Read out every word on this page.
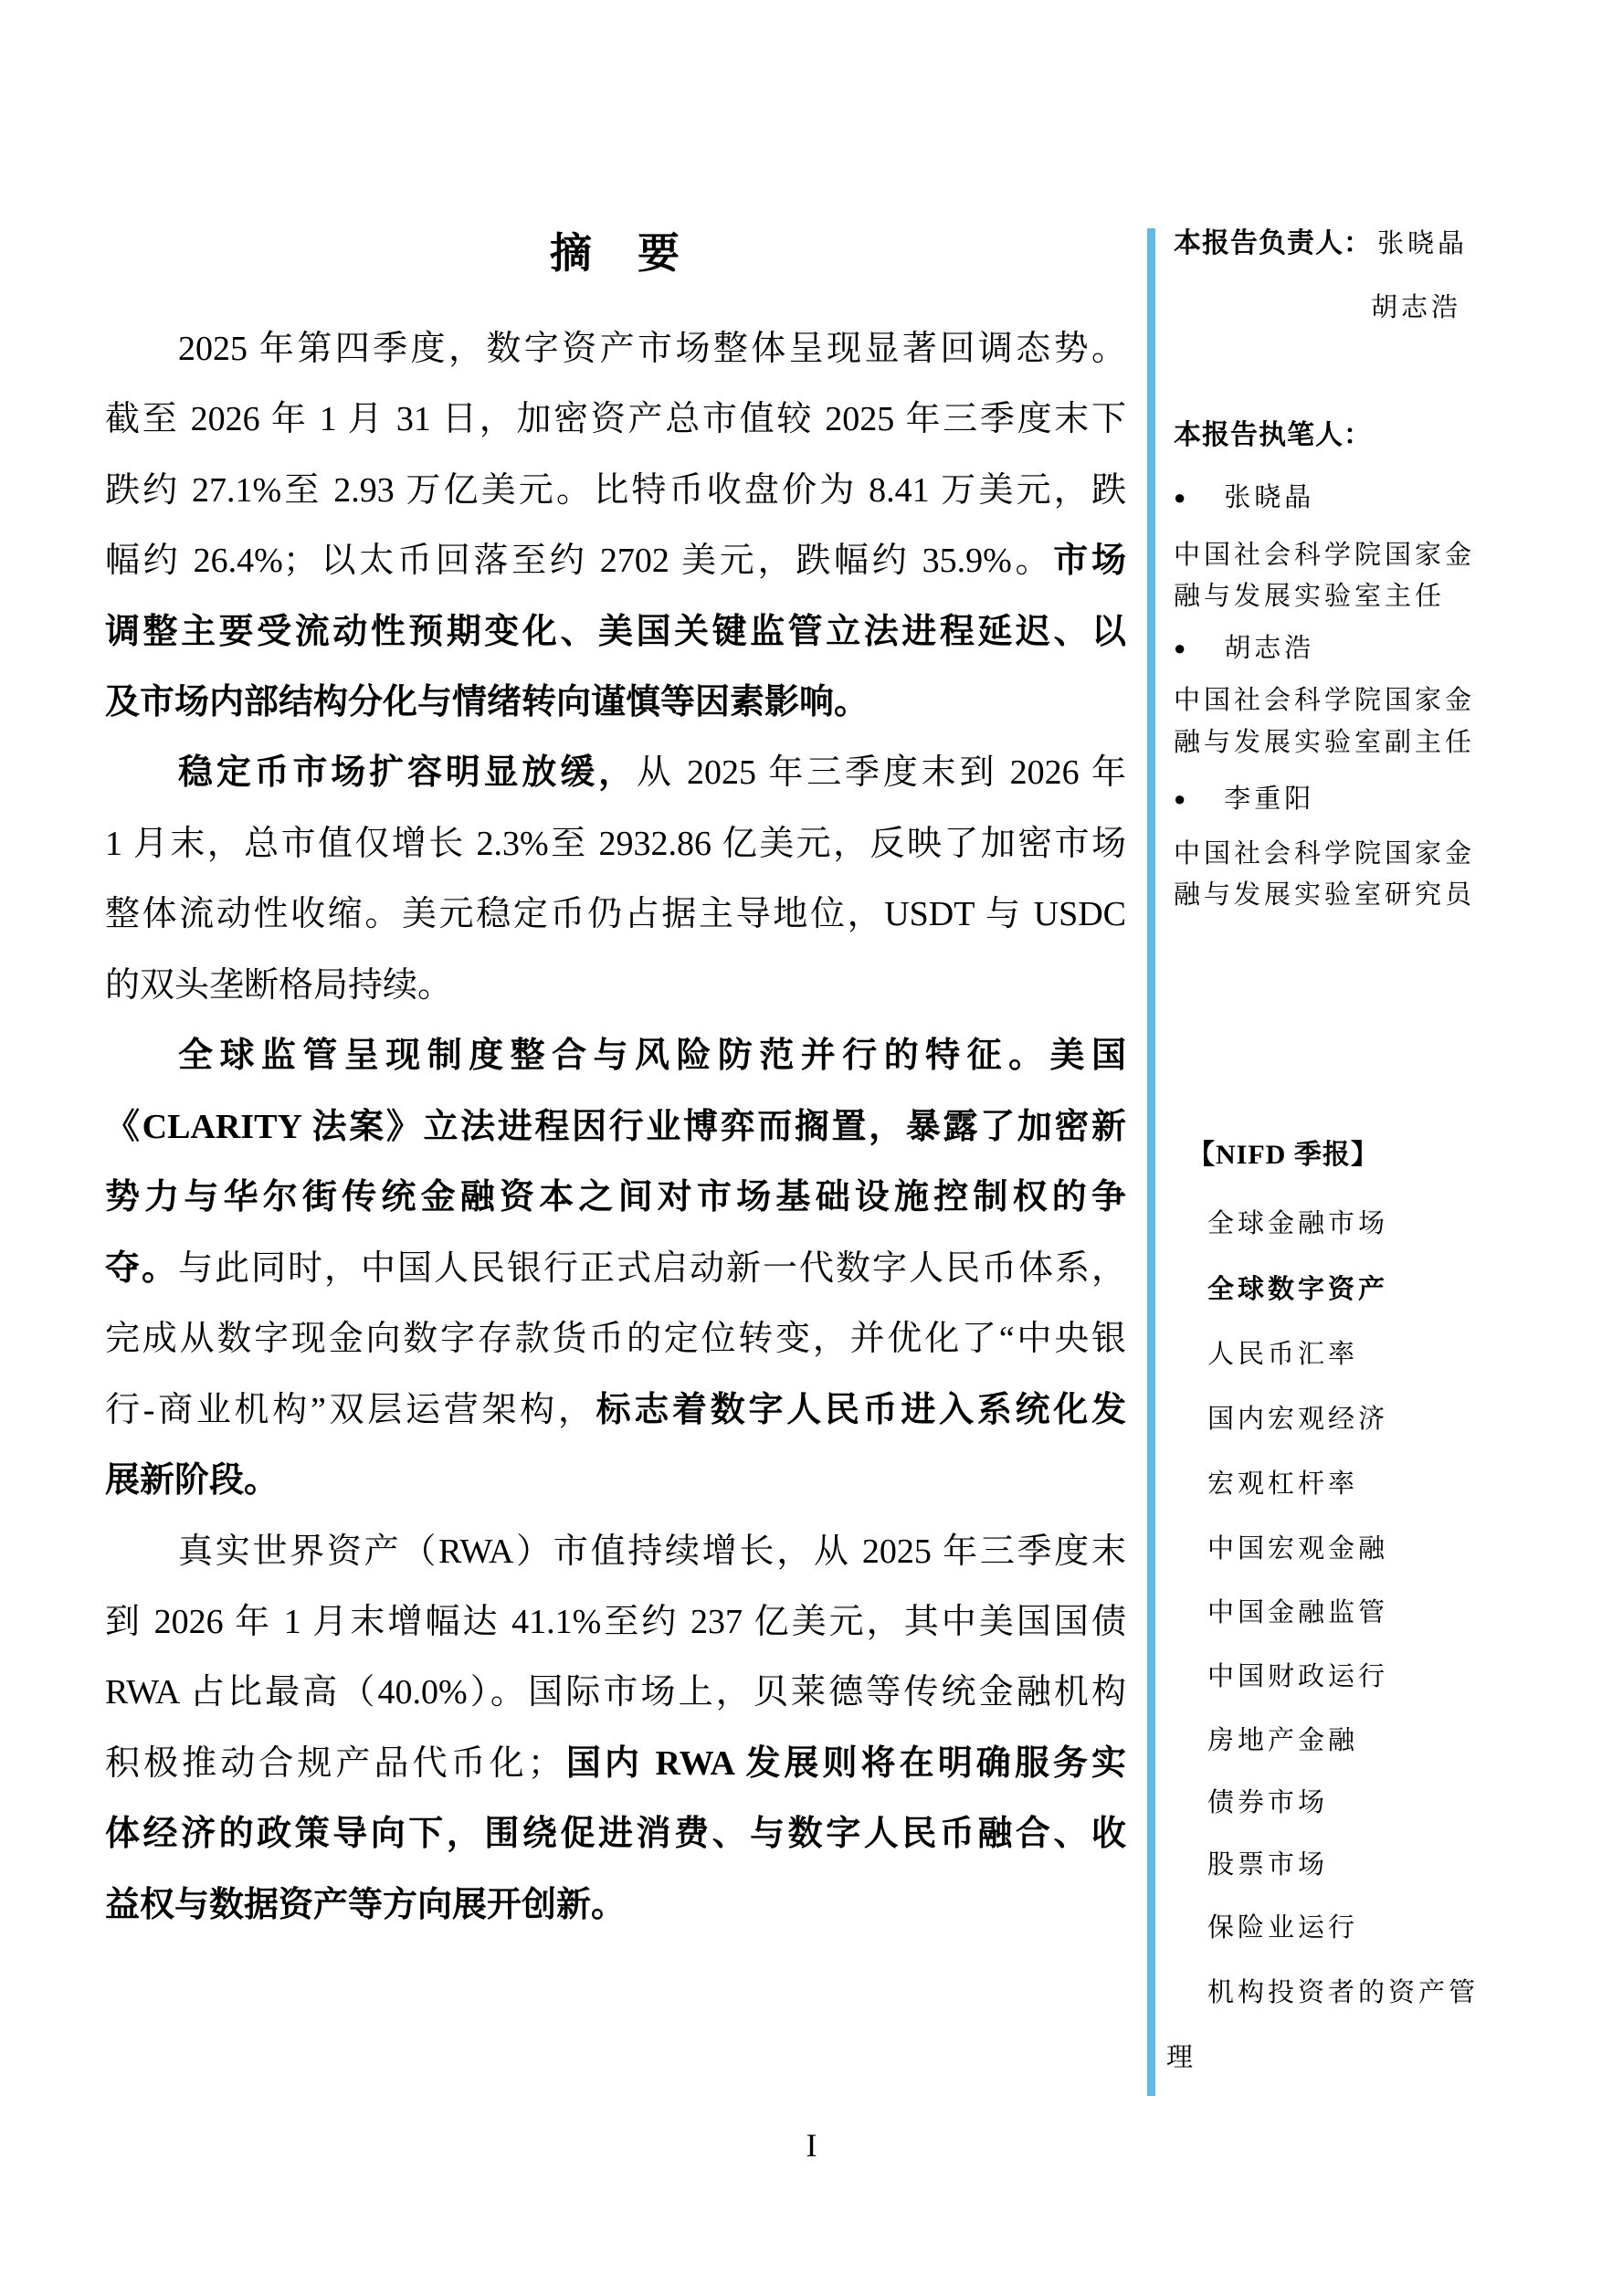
摘　要
2025 年第四季度，数字资产市场整体呈现显著回调态势。
截至 2026 年 1 月 31 日，加密资产总市值较 2025 年三季度末下
跌约 27.1%至 2.93 万亿美元。比特币收盘价为 8.41 万美元，跌
幅约 26.4%；以太币回落至约 2702 美元，跌幅约 35.9%。市场
调整主要受流动性预期变化、美国关键监管立法进程延迟、以
及市场内部结构分化与情绪转向谨慎等因素影响。
稳定币市场扩容明显放缓，从 2025 年三季度末到 2026 年
1 月末，总市值仅增长 2.3%至 2932.86 亿美元，反映了加密市场
整体流动性收缩。美元稳定币仍占据主导地位，USDT 与 USDC
的双头垄断格局持续。
全球监管呈现制度整合与风险防范并行的特征。美国
《CLARITY 法案》立法进程因行业博弈而搁置，暴露了加密新
势力与华尔街传统金融资本之间对市场基础设施控制权的争
夺。与此同时，中国人民银行正式启动新一代数字人民币体系，
完成从数字现金向数字存款货币的定位转变，并优化了“中央银
行-商业机构”双层运营架构，标志着数字人民币进入系统化发
展新阶段。
真实世界资产（RWA）市值持续增长，从 2025 年三季度末
到 2026 年 1 月末增幅达 41.1%至约 237 亿美元，其中美国国债
RWA 占比最高（40.0%）。国际市场上，贝莱德等传统金融机构
积极推动合规产品代币化；国内 RWA 发展则将在明确服务实
体经济的政策导向下，围绕促进消费、与数字人民币融合、收
益权与数据资产等方向展开创新。
本报告负责人： 张晓晶
胡志浩
本报告执笔人：
● 张晓晶
中国社会科学院国家金
融与发展实验室主任
● 胡志浩
中国社会科学院国家金
融与发展实验室副主任
● 李重阳
中国社会科学院国家金
融与发展实验室研究员
【NIFD 季报】
全球金融市场
全球数字资产
人民币汇率
国内宏观经济
宏观杠杆率
中国宏观金融
中国金融监管
中国财政运行
房地产金融
债券市场
股票市场
保险业运行
机构投资者的资产管
理
I
